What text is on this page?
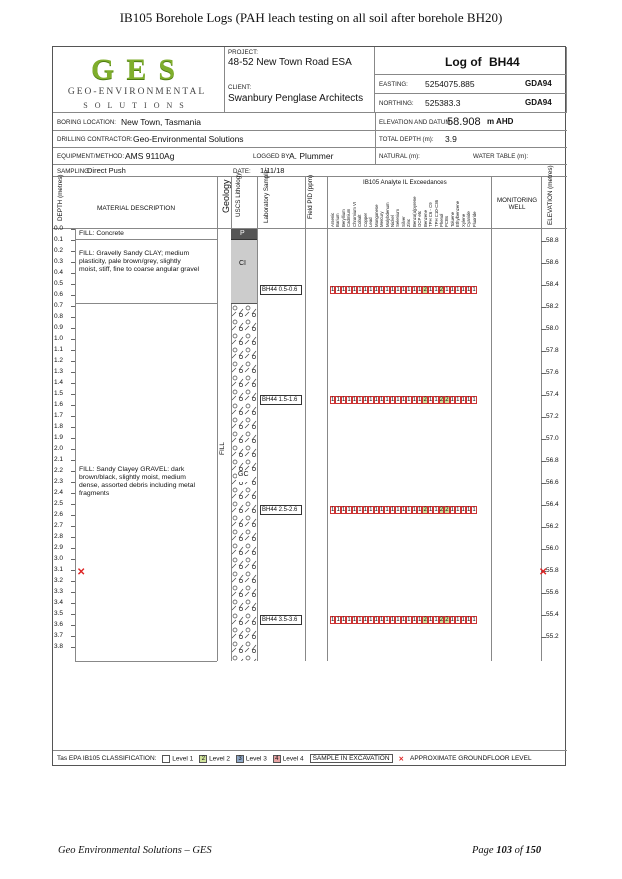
IB105 Borehole Logs (PAH leach testing on all soil after borehole BH20)
GES
GEO-ENVIRONMENTAL
SOLUTIONS
PROJECT:
48-52 New Town Road ESA
CLIENT:
Swanbury Penglase Architects
Log of BH44
EASTING: 5254075.885	GDA94
NORTHING: 525383.3	GDA94
BORING LOCATION: New Town, Tasmania	ELEVATION AND DATUM:
58.908 m AHD
DRILLING CONTRACTOR: Geo-Environmental Solutions	TOTAL DEPTH (m): 3.9
EQUIPMENT/METHOD: AMS 9110Ag	LOGGED BY:
A. Plummer	NATURAL (m):	WATER TABLE (m):
SAMPLING:
Direct Push	DATE: 1/11/18
DEPTH (metres)	MATERIAL DESCRIPTION	Geology USCS Lithology	Laboratory Sample	Field PID (ppm)	IB105 Analyte IL Exceedances
Arsenic Barium Beryllium Cadmium Chromium VI Cobalt Copper Lead Manganese Mercury Molybdenum Nickel Selenium Silver Zinc Benzo(a)pyrene OCP etc Benzene TPH C6 - C9 TPH C10-C36 Phenol PCBs Toluene Ethylbenzene Xylene Cyanide Fluoride
MONITORING WELL	ELEVATION (metres)
FILL: Concrete
FILL: Gravelly Sandy CLAY; medium plasticity, pale brown/grey, slightly moist, stiff, fine to coarse angular gravel
FILL: Sandy Clayey GRAVEL: dark brown/black, slightly moist, medium dense, assorted debris including metal fragments
FILL
P
CI
GC
0.0
0.1
0.2
0.3
0.4
0.5
0.6
0.7
0.8
0.9
1.0
1.1
1.2
1.3
1.4
1.5
1.6
1.7
1.8
1.9
2.0
2.1
2.2
2.3
2.4
2.5
2.6
2.7
2.8
2.9
3.0
3.1
3.2
3.3
3.4
3.5
3.6
3.7
3.8
58.8
58.6
58.4
58.2
58.0
57.8
57.6
57.4
57.2
57.0
56.8
56.6
56.4
56.2
56.0
55.8
55.6
55.4
55.2
BH44 0.5-0.6	1 1 1 1 1 1 1 1 1 1 1 1 1 1 1 1 1 2 1 1 2 1 1 1 1 1 1
BH44 1.5-1.6	1 1 1 1 1 1 1 1 1 1 1 1 1 1 1 1 1 2 1 1 2 2 1 1 1 1 1
BH44 2.5-2.6	1 1 1 1 1 1 1 1 1 1 1 1 1 1 1 1 1 2 1 1 2 2 1 1 1 1 1
BH44 3.5-3.6	1 1 1 1 1 1 1 1 1 1 1 1 1 1 1 1 1 2 1 1 2 2 1 1 1 1 1
✕	✕
Tas EPA IB105 CLASSIFICATION:	Level 1	2 Level 2	3 Level 3	4 Level 4	SAMPLE IN EXCAVATION	✕ APPROXIMATE GROUNDFLOOR LEVEL
Geo Environmental Solutions – GES	Page 103 of 150
